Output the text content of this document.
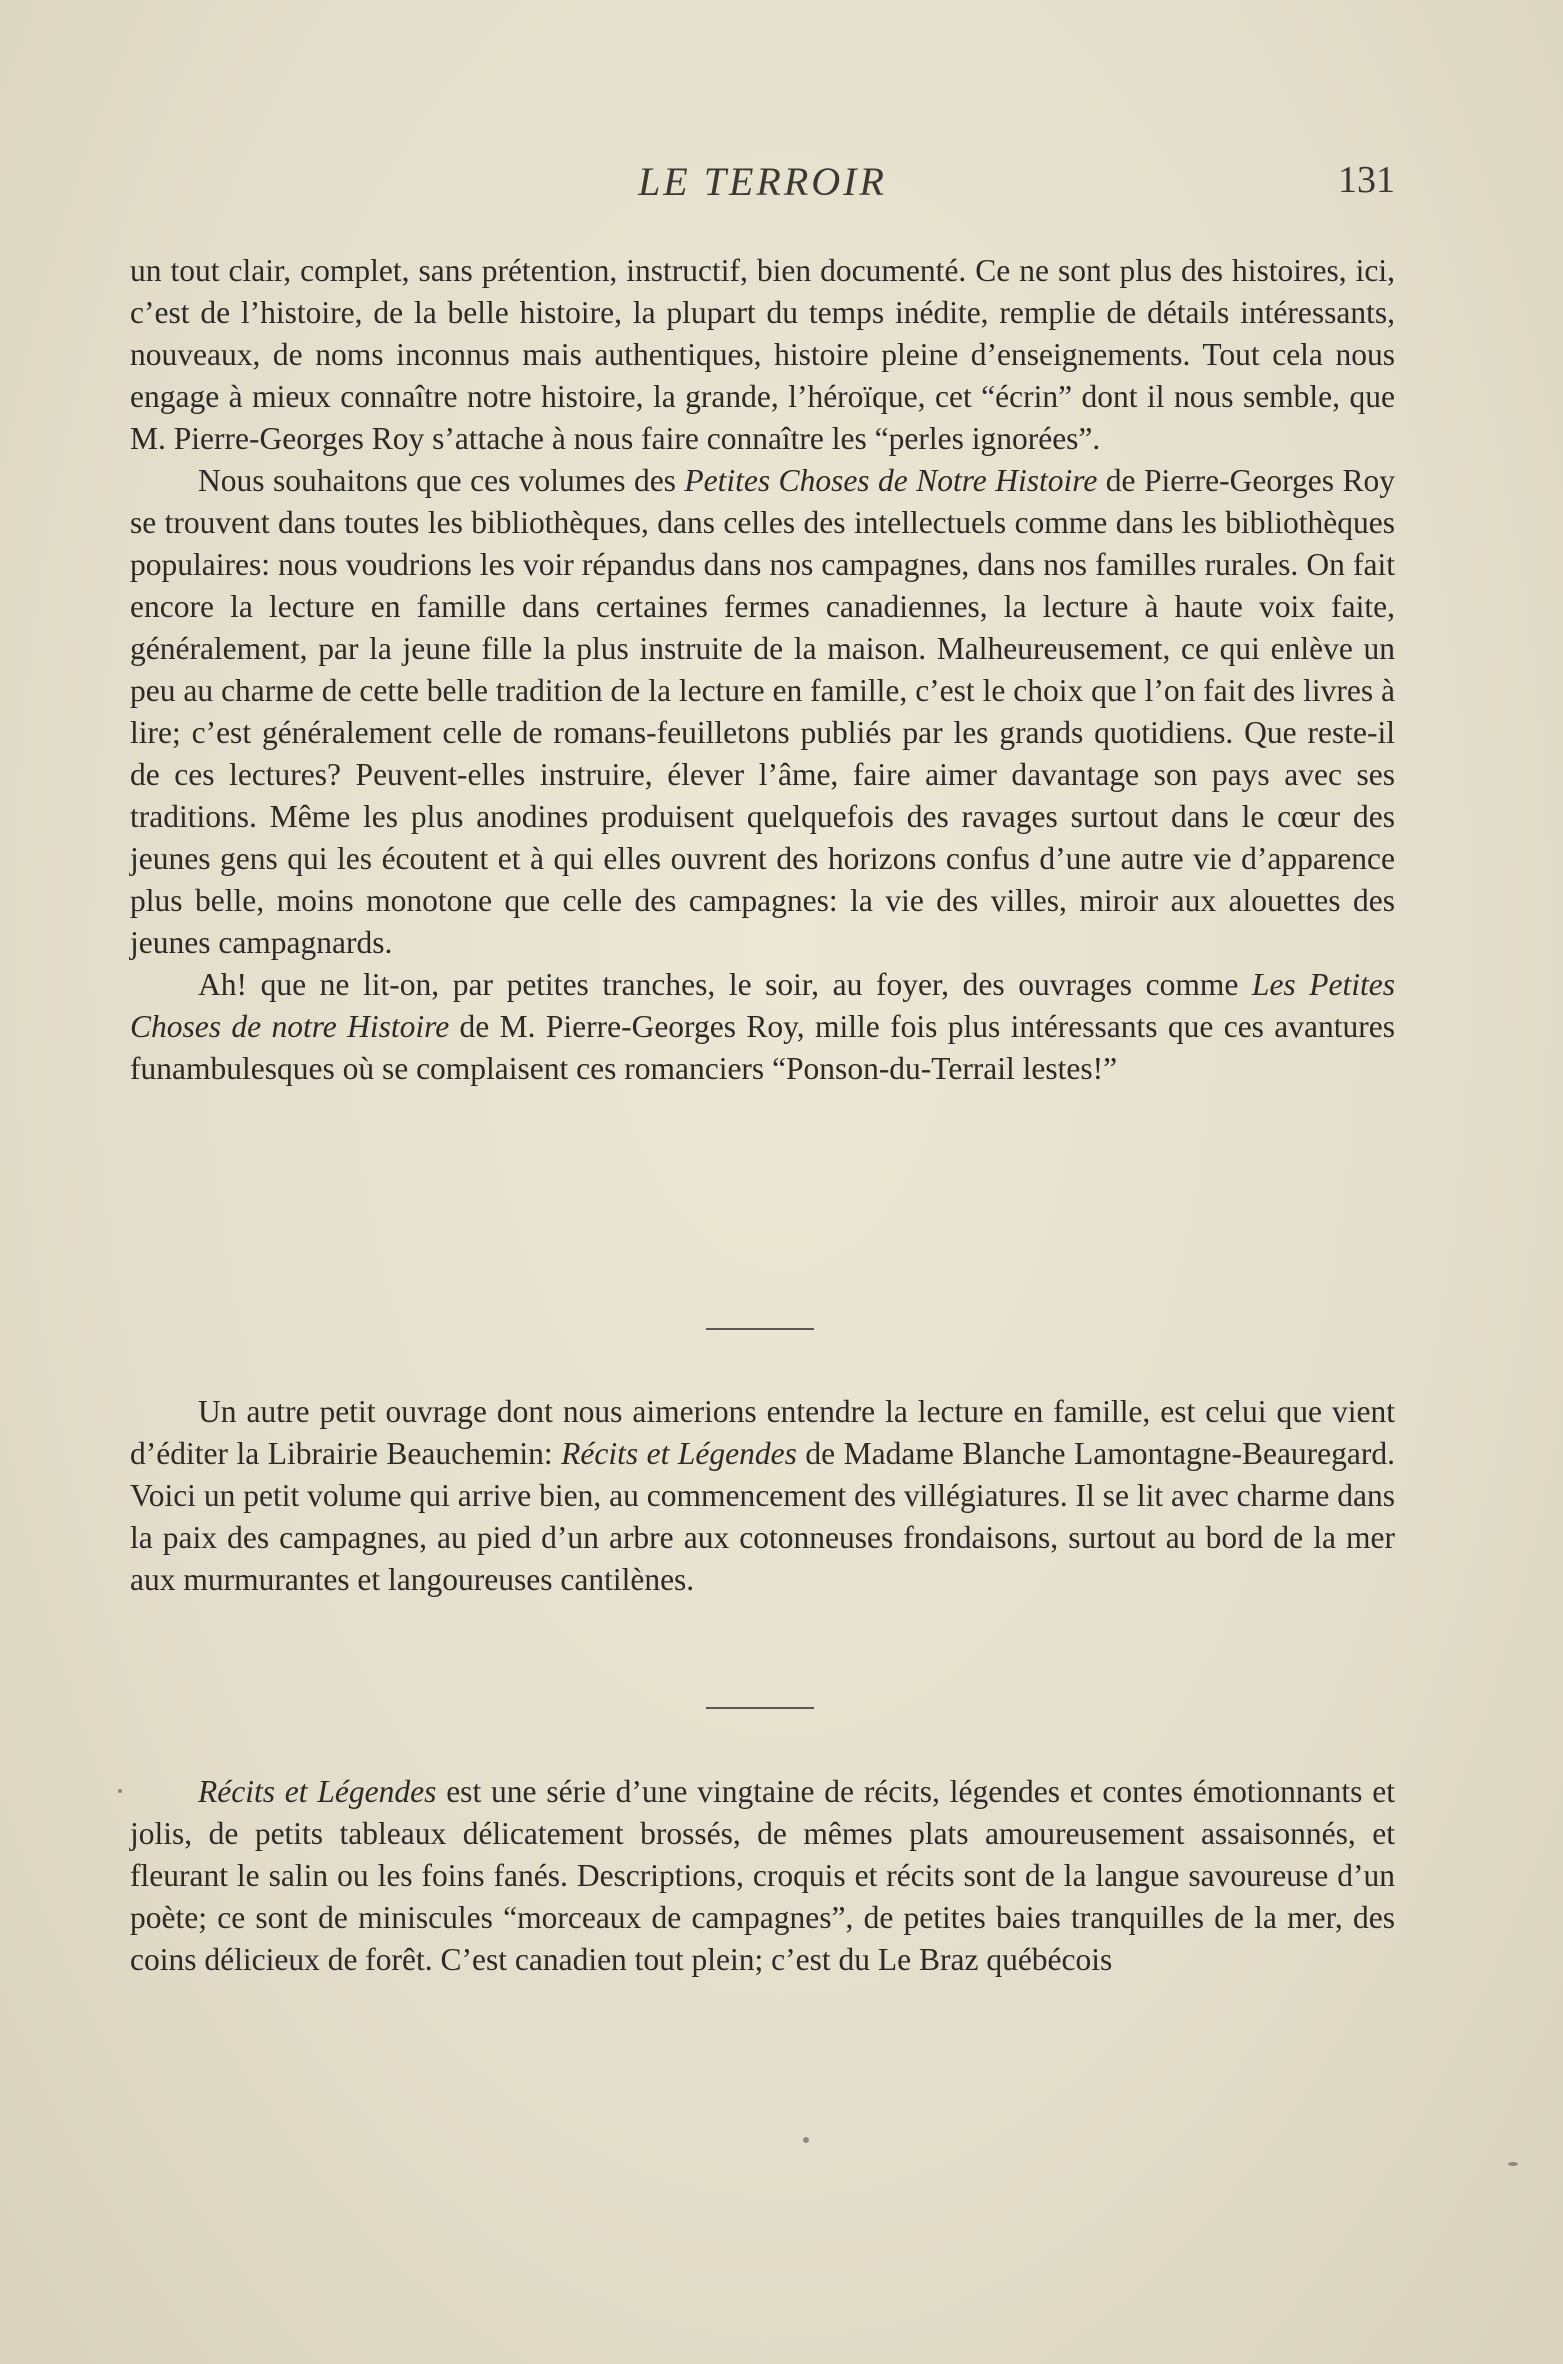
LE TERROIR	131

un tout clair, complet, sans prétention, instructif, bien documenté. Ce ne sont plus des histoires, ici, c’est de l’histoire, de la belle histoire, la plupart du temps inédite, remplie de détails intéressants, nouveaux, de noms inconnus mais authentiques, histoire pleine d’enseignements. Tout cela nous engage à mieux connaître notre histoire, la grande, l’héroïque, cet “écrin” dont il nous semble, que M. Pierre-Georges Roy s’attache à nous faire connaître les “perles ignorées”.

Nous souhaitons que ces volumes des Petites Choses de Notre Histoire de Pierre-Georges Roy se trouvent dans toutes les bibliothèques, dans celles des intellectuels comme dans les bibliothèques populaires: nous voudrions les voir répandus dans nos campagnes, dans nos familles rurales. On fait encore la lecture en famille dans certaines fermes canadiennes, la lecture à haute voix faite, généralement, par la jeune fille la plus instruite de la maison. Malheureusement, ce qui enlève un peu au charme de cette belle tradition de la lecture en famille, c’est le choix que l’on fait des livres à lire; c’est généralement celle de romans-feuilletons publiés par les grands quotidiens. Que reste-il de ces lectures? Peuvent-elles instruire, élever l’âme, faire aimer davantage son pays avec ses traditions. Même les plus anodines produisent quelquefois des ravages surtout dans le cœur des jeunes gens qui les écoutent et à qui elles ouvrent des horizons confus d’une autre vie d’apparence plus belle, moins monotone que celle des campagnes: la vie des villes, miroir aux alouettes des jeunes campagnards.

Ah! que ne lit-on, par petites tranches, le soir, au foyer, des ouvrages comme Les Petites Choses de notre Histoire de M. Pierre-Georges Roy, mille fois plus intéressants que ces avantures funambulesques où se complaisent ces romanciers “Ponson-du-Terrail lestes!”

Un autre petit ouvrage dont nous aimerions entendre la lecture en famille, est celui que vient d’éditer la Librairie Beauchemin: Récits et Légendes de Madame Blanche Lamontagne-Beauregard. Voici un petit volume qui arrive bien, au commencement des villégiatures. Il se lit avec charme dans la paix des campagnes, au pied d’un arbre aux cotonneuses frondaisons, surtout au bord de la mer aux murmurantes et langoureuses cantilènes.

Récits et Légendes est une série d’une vingtaine de récits, légendes et contes émotionnants et jolis, de petits tableaux délicatement brossés, de mêmes plats amoureusement assaisonnés, et fleurant le salin ou les foins fanés. Descriptions, croquis et récits sont de la langue savoureuse d’un poète; ce sont de miniscules “morceaux de campagnes”, de petites baies tranquilles de la mer, des coins délicieux de forêt. C’est canadien tout plein; c’est du Le Braz québécois
